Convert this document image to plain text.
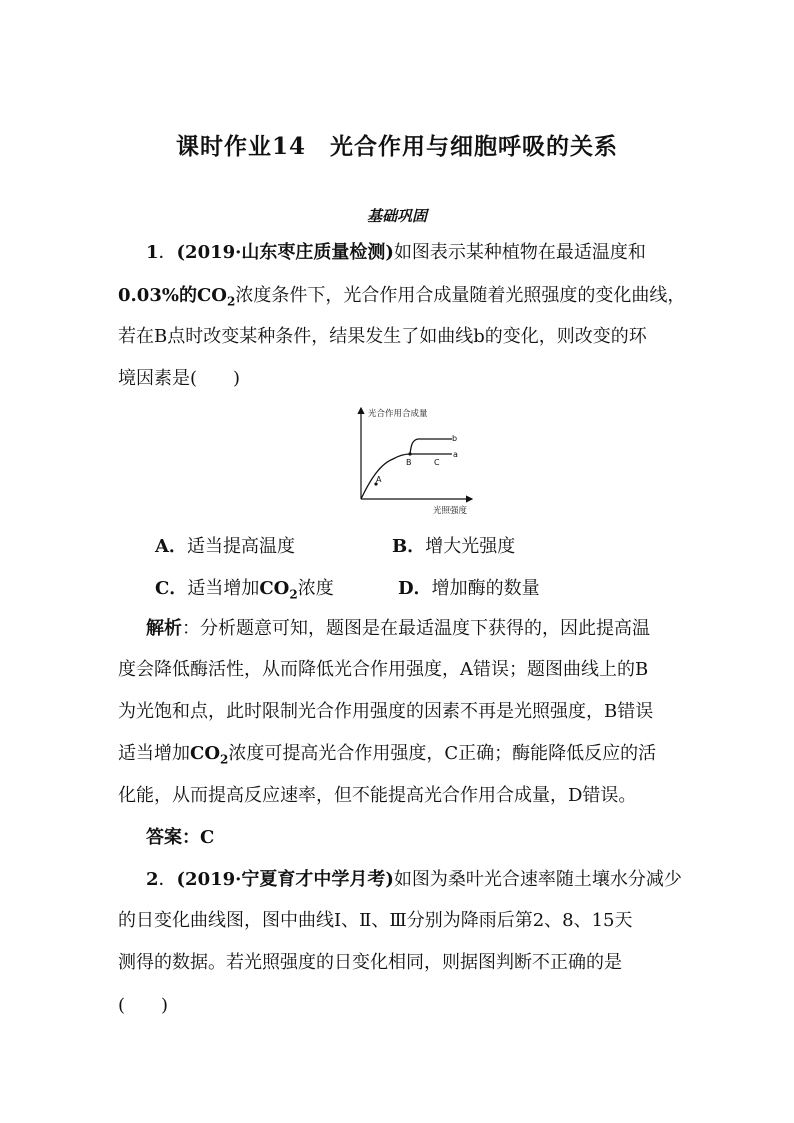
课时作业14　光合作用与细胞呼吸的关系
基础巩固
1．(2019·山东枣庄质量检测)如图表示某种植物在最适温度和
0.03%的$CO_2$浓度条件下，光合作用合成量随着光照强度的变化曲线，
若在B点时改变某种条件，结果发生了如曲线b的变化，则改变的环
境因素是(　　)
光合作用合成量
光照强度
A
B	C
a
b
A．适当提高温度	B．增大光强度
C．适当增加$CO_2$浓度	D．增加酶的数量
解析：分析题意可知，题图是在最适温度下获得的，因此提高温
度会降低酶活性，从而降低光合作用强度，A错误；题图曲线上的B
为光饱和点，此时限制光合作用强度的因素不再是光照强度，B错误
适当增加$CO_2$浓度可提高光合作用强度，C正确；酶能降低反应的活
化能，从而提高反应速率，但不能提高光合作用合成量，D错误。
答案：C
2．(2019·宁夏育才中学月考)如图为桑叶光合速率随土壤水分减少
的日变化曲线图，图中曲线Ⅰ、Ⅱ、Ⅲ分别为降雨后第2、8、15天
测得的数据。若光照强度的日变化相同，则据图判断不正确的是
(　　)
